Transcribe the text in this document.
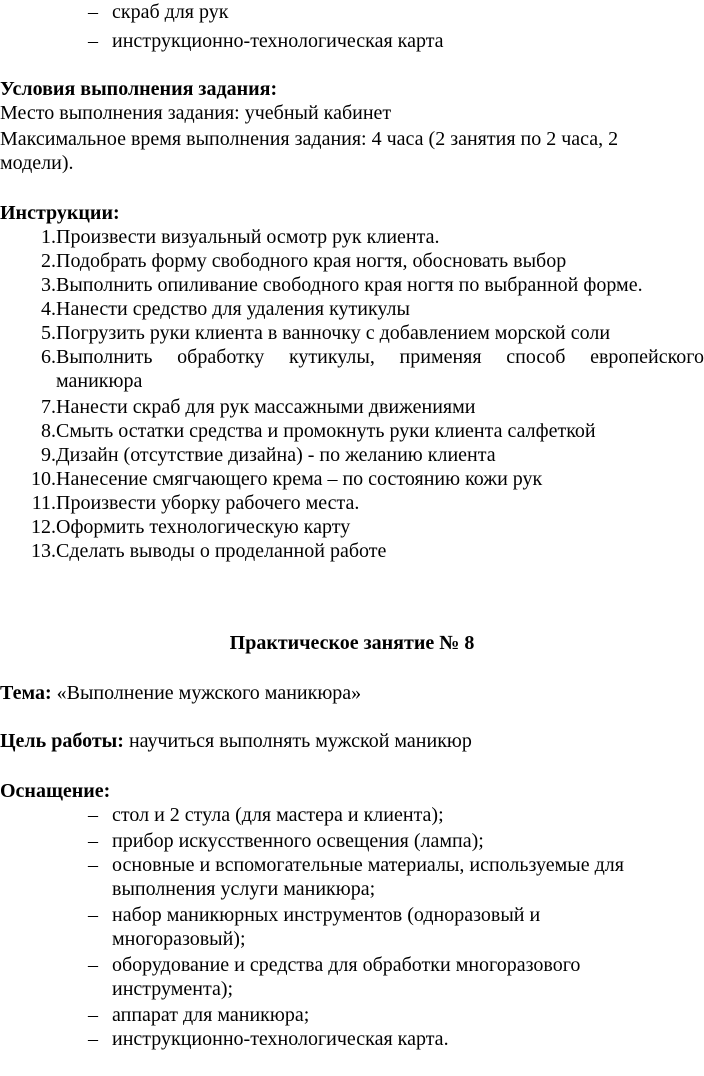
– скраб для рук
– инструкционно-технологическая карта
Условия выполнения задания:
Место выполнения задания: учебный кабинет
Максимальное время выполнения задания: 4 часа (2 занятия по 2 часа, 2
модели).
Инструкции:
1. Произвести визуальный осмотр рук клиента.
2. Подобрать форму свободного края ногтя, обосновать выбор
3. Выполнить опиливание свободного края ногтя по выбранной форме.
4. Нанести средство для удаления кутикулы
5. Погрузить руки клиента в ванночку с добавлением морской соли
6. Выполнить обработку кутикулы, применяя способ европейского
маникюра
7. Нанести скраб для рук массажными движениями
8. Смыть остатки средства и промокнуть руки клиента салфеткой
9. Дизайн (отсутствие дизайна) - по желанию клиента
10. Нанесение смягчающего крема – по состоянию кожи рук
11. Произвести уборку рабочего места.
12. Оформить технологическую карту
13. Сделать выводы о проделанной работе
Практическое занятие № 8
Тема: «Выполнение мужского маникюра»
Цель работы: научиться выполнять мужской маникюр
Оснащение:
– стол и 2 стула (для мастера и клиента);
– прибор искусственного освещения (лампа);
– основные и вспомогательные материалы, используемые для
выполнения услуги маникюра;
– набор маникюрных инструментов (одноразовый и
многоразовый);
– оборудование и средства для обработки многоразового
инструмента);
– аппарат для маникюра;
– инструкционно-технологическая карта.
